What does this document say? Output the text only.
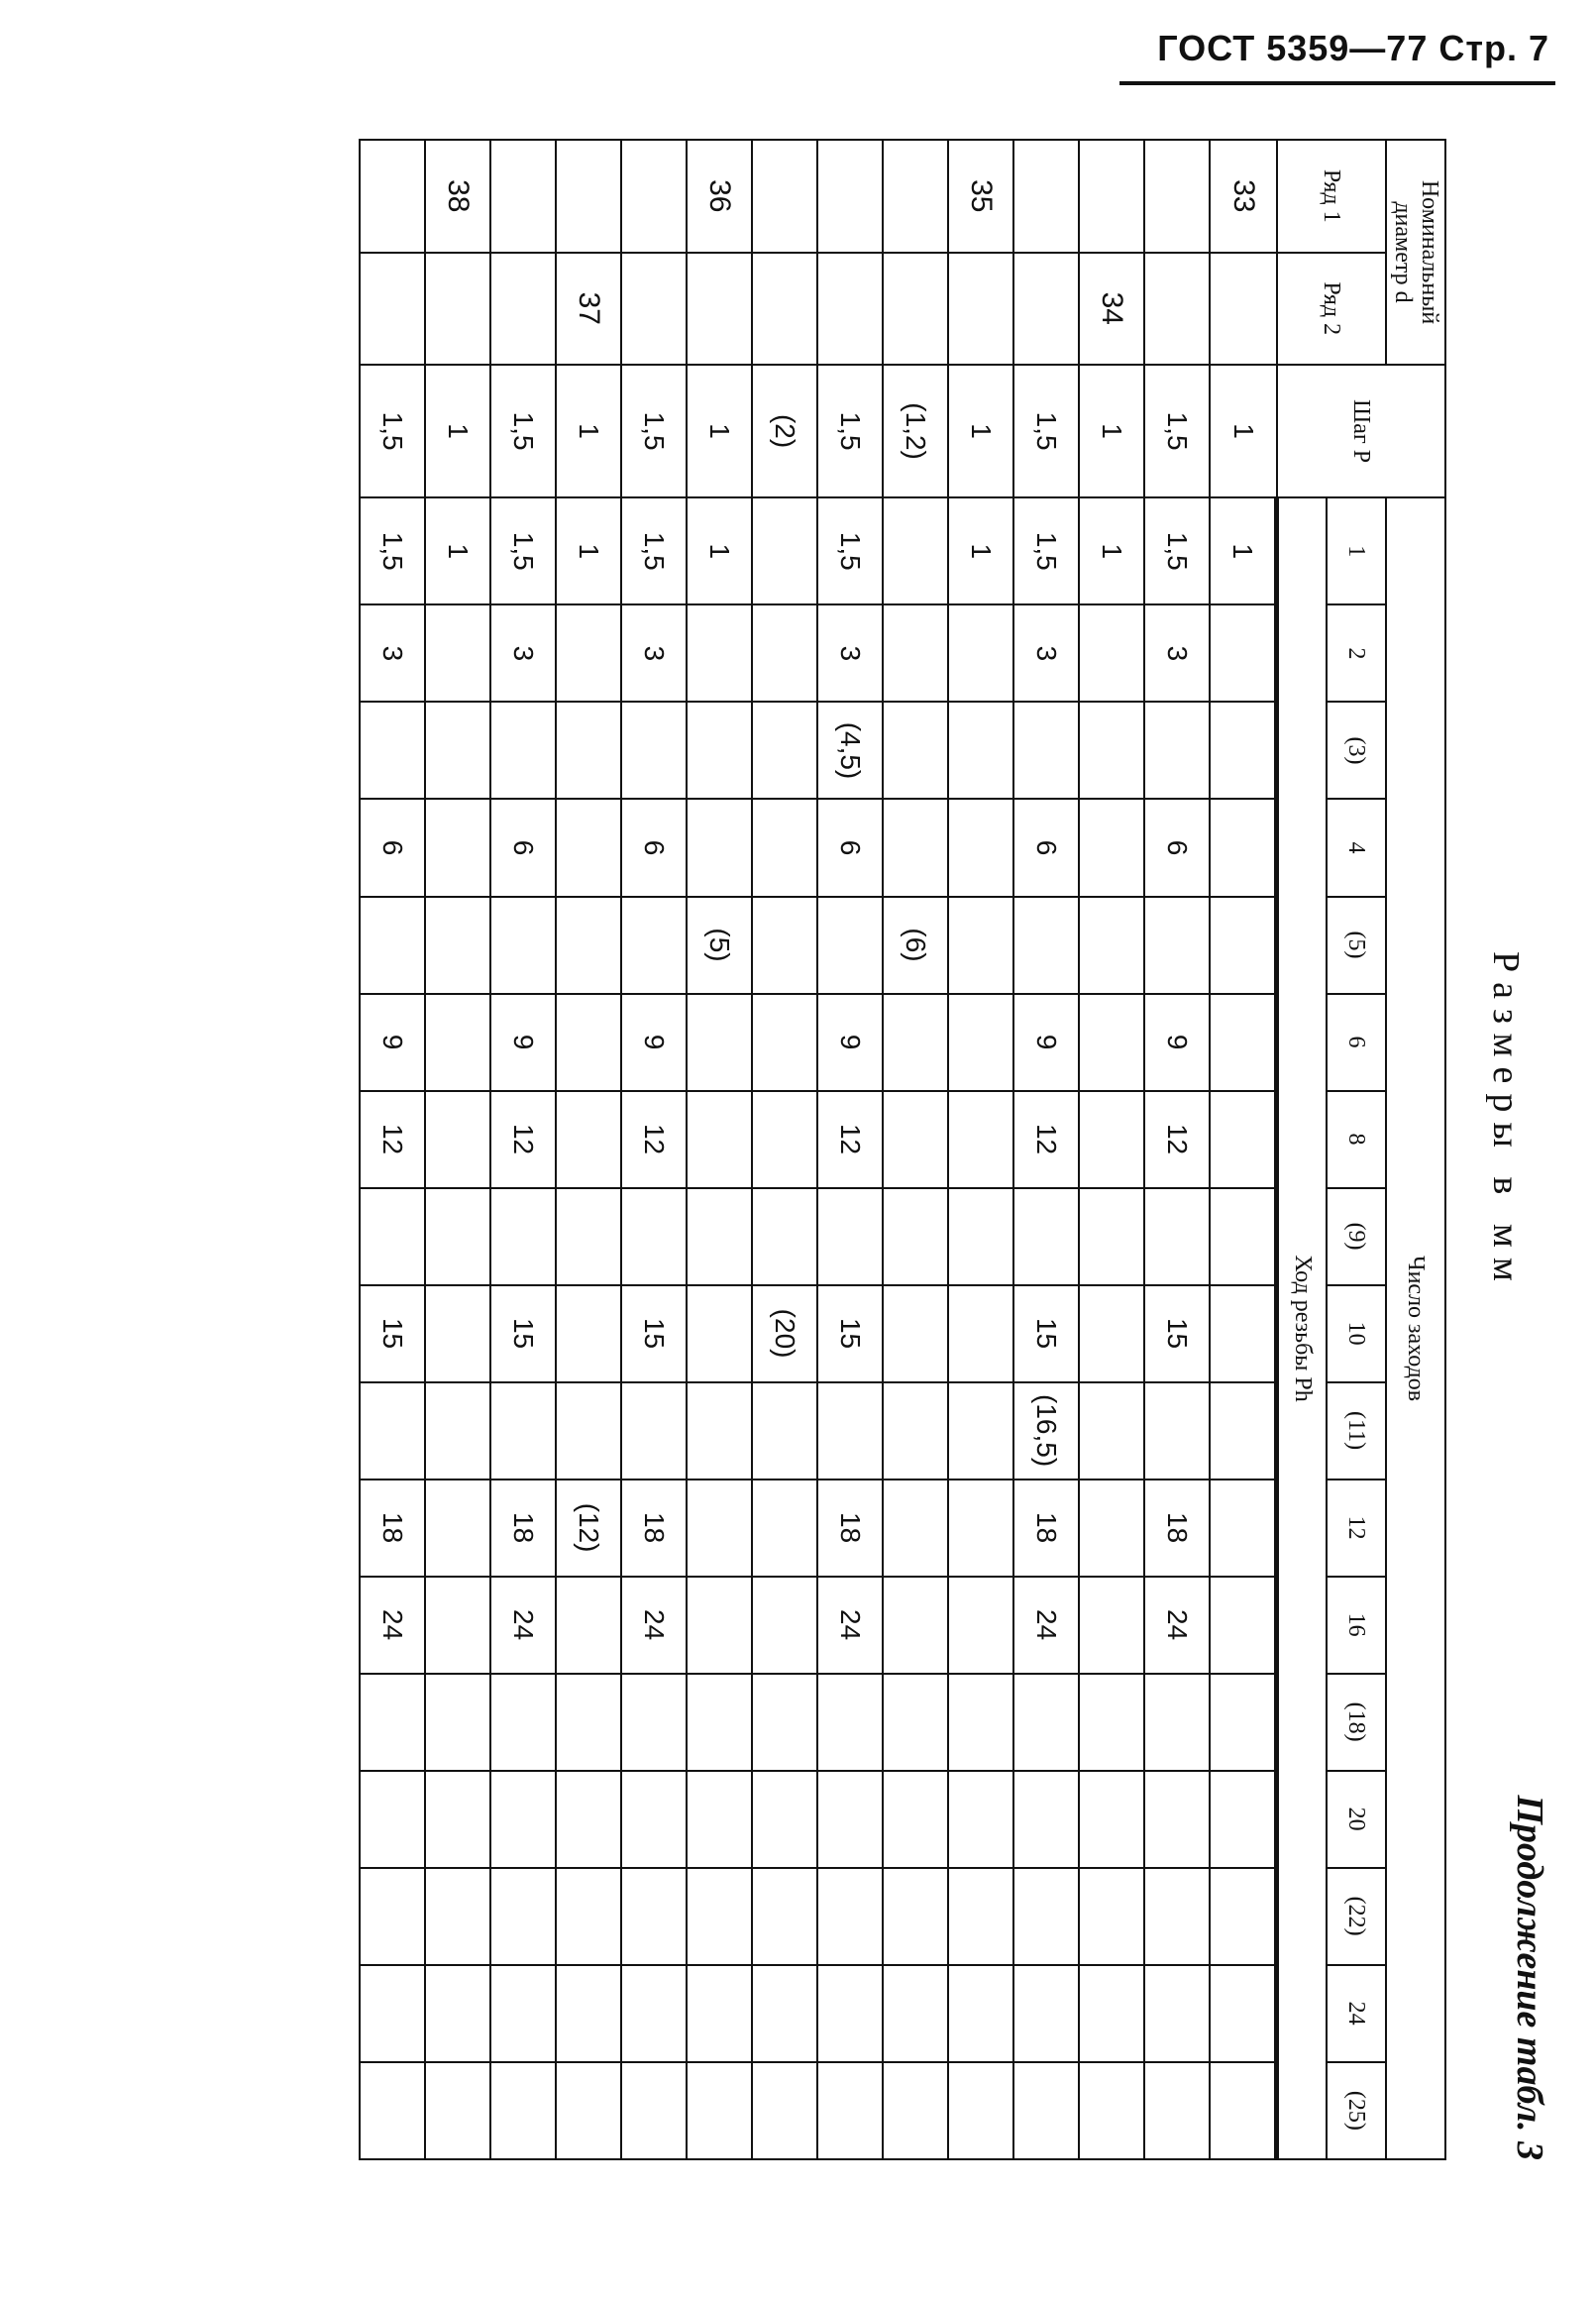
ГОСТ 5359—77 Стр. 7
Продолжение табл. 3
Размеры в мм
Номинальный диаметр d		Шаг P	Число заходов																
Ряд 1	Ряд 2		1	2	(3)	4	(5)	6	8	(9)	10	(11)	12	16	(18)	20	(22)	24	(25)
			Ход резьбы Ph																
33		1	1																
		1,5	1,5	3		6		9	12		15		18	24					
	34	1	1																
		1,5	1,5	3		6		9	12		15	(16,5)	18	24					
35		1	1																
		(1,2)					(6)												
		1,5	1,5	3	(4,5)	6		9	12		15		18	24					
		(2)									(20)								
36		1	1				(5)												
		1,5	1,5	3		6		9	12		15		18	24					
	37	1	1										(12)						
		1,5	1,5	3		6		9	12		15		18	24					
38		1	1																
		1,5	1,5	3		6		9	12		15		18	24					
